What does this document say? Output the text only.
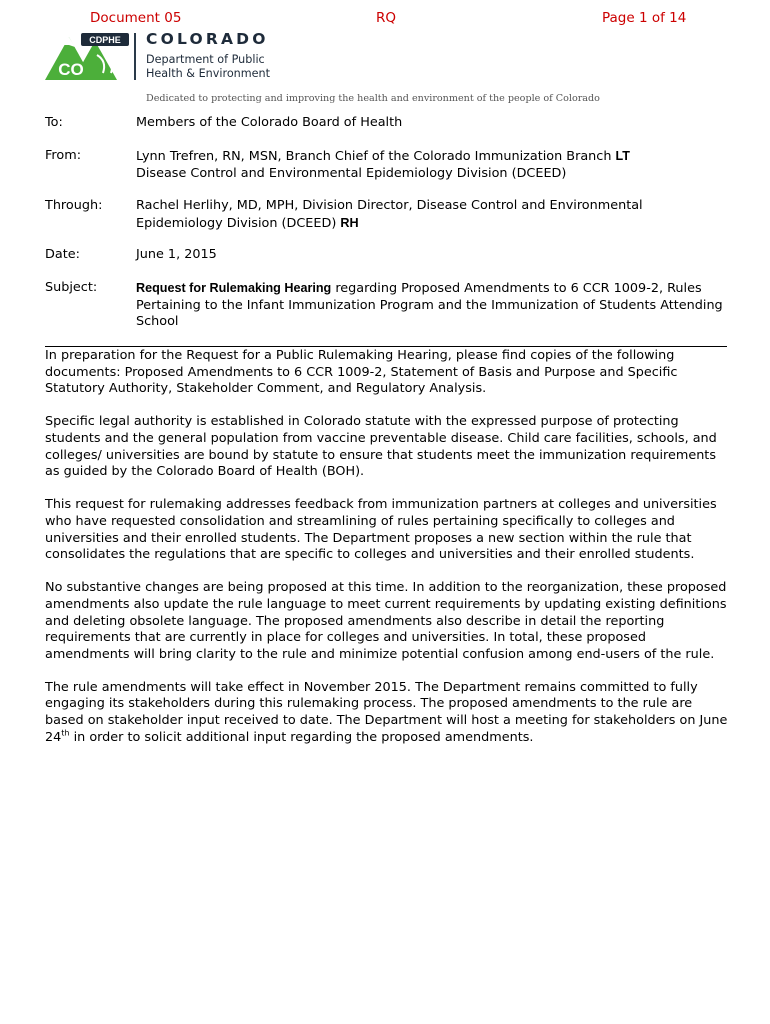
Document 05	RQ	Page 1 of 14
CDPHE
CO
COLORADO
Department of Public
Health & Environment
Dedicated to protecting and improving the health and environment of the people of Colorado
To:	Members of the Colorado Board of Health
From:	Lynn Trefren, RN, MSN, Branch Chief of the Colorado Immunization Branch LT
Disease Control and Environmental Epidemiology Division (DCEED)
Through:	Rachel Herlihy, MD, MPH, Division Director, Disease Control and Environmental Epidemiology Division (DCEED) RH
Date:	June 1, 2015
Subject:	Request for Rulemaking Hearing regarding Proposed Amendments to 6 CCR 1009-2, Rules Pertaining to the Infant Immunization Program and the Immunization of Students Attending School

In preparation for the Request for a Public Rulemaking Hearing, please find copies of the following documents: Proposed Amendments to 6 CCR 1009-2, Statement of Basis and Purpose and Specific Statutory Authority, Stakeholder Comment, and Regulatory Analysis.

Specific legal authority is established in Colorado statute with the expressed purpose of protecting students and the general population from vaccine preventable disease. Child care facilities, schools, and colleges/ universities are bound by statute to ensure that students meet the immunization requirements as guided by the Colorado Board of Health (BOH).

This request for rulemaking addresses feedback from immunization partners at colleges and universities who have requested consolidation and streamlining of rules pertaining specifically to colleges and universities and their enrolled students. The Department proposes a new section within the rule that consolidates the regulations that are specific to colleges and universities and their enrolled students.

No substantive changes are being proposed at this time. In addition to the reorganization, these proposed amendments also update the rule language to meet current requirements by updating existing definitions and deleting obsolete language. The proposed amendments also describe in detail the reporting requirements that are currently in place for colleges and universities. In total, these proposed amendments will bring clarity to the rule and minimize potential confusion among end-users of the rule.

The rule amendments will take effect in November 2015. The Department remains committed to fully engaging its stakeholders during this rulemaking process. The proposed amendments to the rule are based on stakeholder input received to date. The Department will host a meeting for stakeholders on June 24th in order to solicit additional input regarding the proposed amendments.
